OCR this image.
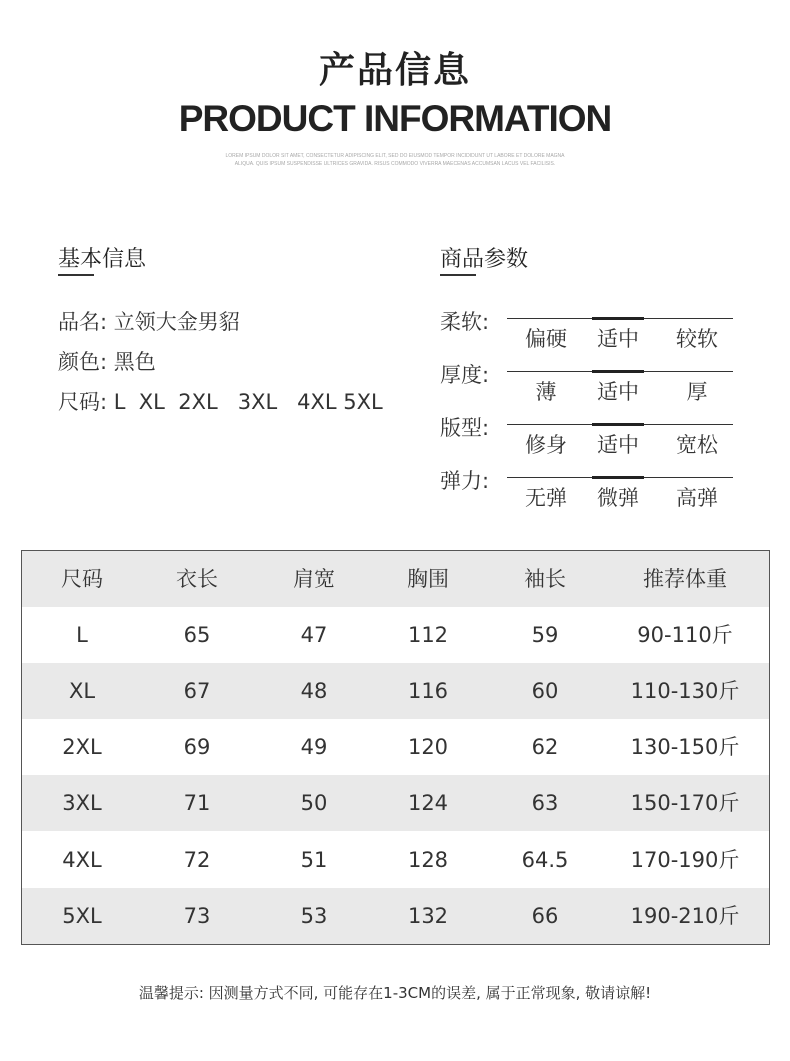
产品信息
PRODUCT INFORMATION
LOREM IPSUM DOLOR SIT AMET, CONSECTETUR ADIPISCING ELIT, SED DO EIUSMOD TEMPOR INCIDIDUNT UT LABORE ET DOLORE MAGNA ALIQUA. QUIS IPSUM SUSPENDISSE ULTRICES GRAVIDA. RISUS COMMODO VIVERRA MAECENAS ACCUMSAN LACUS VEL FACILISIS.
基本信息
品名: 立领大金男貂
颜色: 黑色
尺码: L  XL  2XL   3XL   4XL 5XL
商品参数
柔软:
偏硬	适中	较软
厚度:
薄	适中	厚
版型:
修身	适中	宽松
弹力:
无弹	微弹	高弹
尺码	衣长	肩宽	胸围	袖长	推荐体重
L	65	47	112	59	90-110斤
XL	67	48	116	60	110-130斤
2XL	69	49	120	62	130-150斤
3XL	71	50	124	63	150-170斤
4XL	72	51	128	64.5	170-190斤
5XL	73	53	132	66	190-210斤
温馨提示: 因测量方式不同, 可能存在1-3CM的误差, 属于正常现象, 敬请谅解!
